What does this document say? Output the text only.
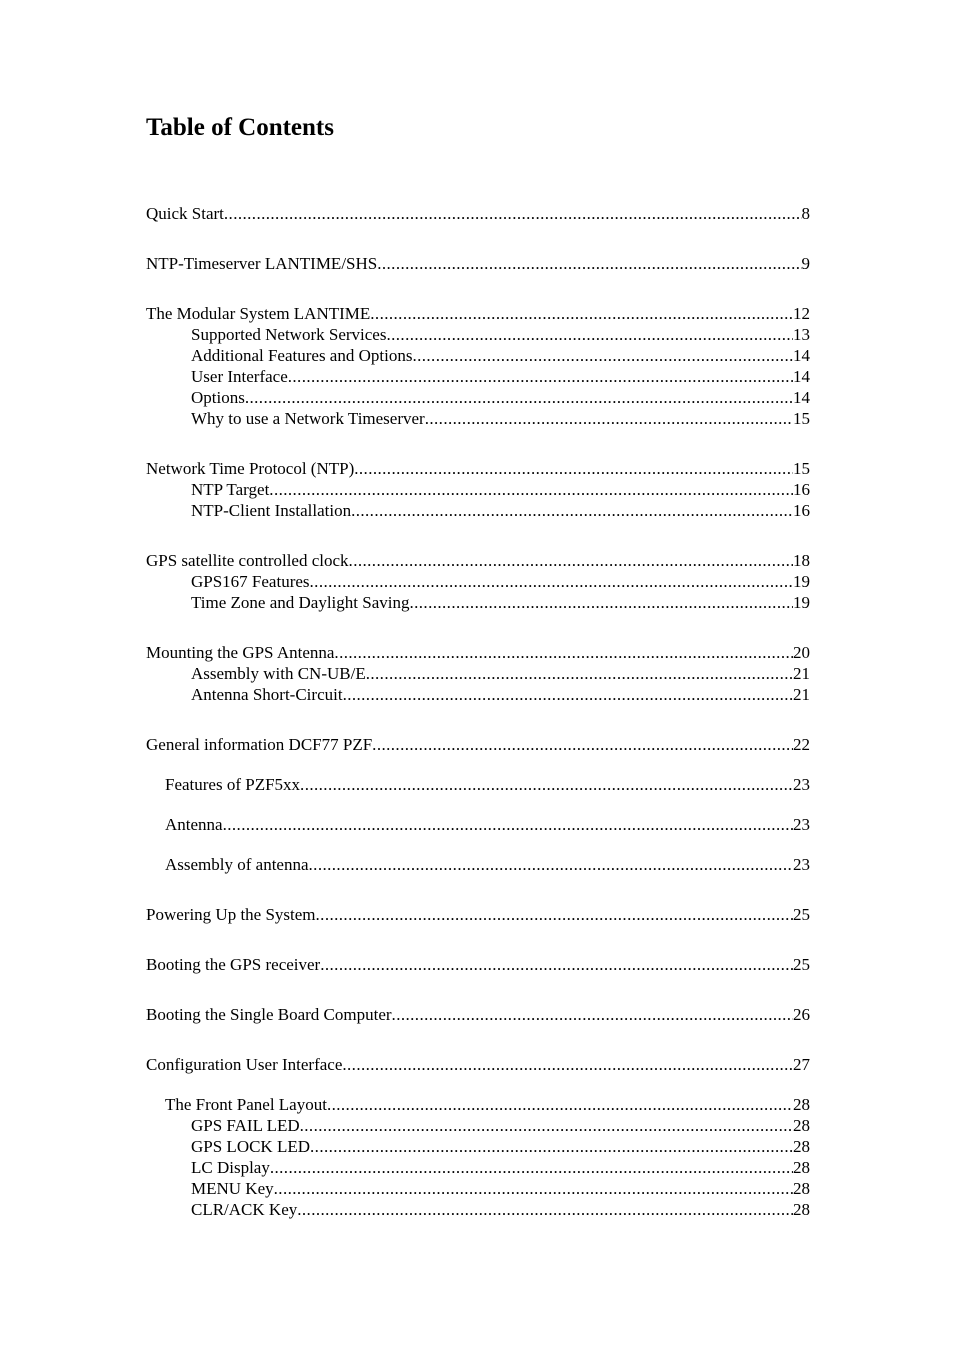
Table of Contents
Quick Start .....	8
NTP-Timeserver LANTIME/SHS .....	9
The Modular System LANTIME .....	12
Supported Network Services .....	13
Additional Features and Options .....	14
User Interface .....	14
Options .....	14
Why to use a Network Timeserver .....	15
Network Time Protocol (NTP) .....	15
NTP Target .....	16
NTP-Client Installation .....	16
GPS satellite controlled clock .....	18
GPS167 Features .....	19
Time Zone and Daylight Saving .....	19
Mounting the GPS Antenna .....	20
Assembly with CN-UB/E .....	21
Antenna Short-Circuit .....	21
General information DCF77 PZF .....	22
Features of PZF5xx .....	23
Antenna .....	23
Assembly of antenna .....	23
Powering Up the System .....	25
Booting the GPS receiver .....	25
Booting the Single Board Computer .....	26
Configuration User Interface .....	27
The Front Panel Layout .....	28
GPS FAIL LED .....	28
GPS LOCK LED .....	28
LC Display .....	28
MENU Key .....	28
CLR/ACK Key .....	28
